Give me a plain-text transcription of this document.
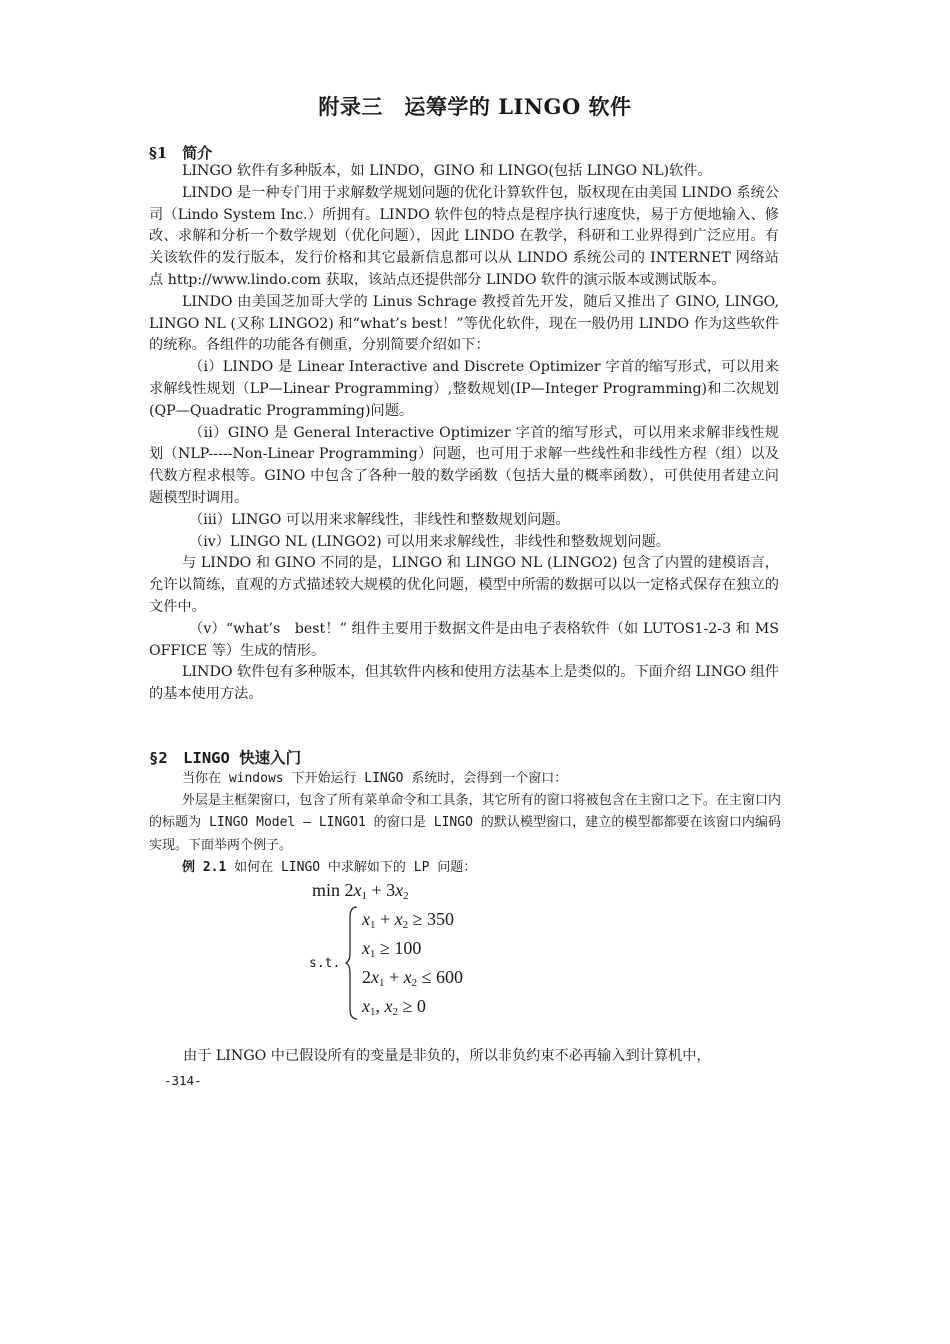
附录三　运筹学的 LINGO 软件
§1　简介

LINGO 软件有多种版本，如 LINDO，GINO 和 LINGO(包括 LINGO NL)软件。

LINDO 是一种专门用于求解数学规划问题的优化计算软件包，版权现在由美国 LINDO 系统公司（Lindo System Inc.）所拥有。LINDO 软件包的特点是程序执行速度快，易于方便地输入、修改、求解和分析一个数学规划（优化问题），因此 LINDO 在教学，科研和工业界得到广泛应用。有关该软件的发行版本，发行价格和其它最新信息都可以从 LINDO 系统公司的 INTERNET 网络站点 http://www.lindo.com 获取，该站点还提供部分 LINDO 软件的演示版本或测试版本。

LINDO 由美国芝加哥大学的 Linus Schrage 教授首先开发，随后又推出了 GINO, LINGO, LINGO NL (又称 LINGO2) 和“what’s best！”等优化软件，现在一般仍用 LINDO 作为这些软件的统称。各组件的功能各有侧重，分别简要介绍如下：

（i）LINDO 是 Linear Interactive and Discrete Optimizer 字首的缩写形式，可以用来求解线性规划（LP—Linear Programming）,整数规划(IP—Integer Programming)和二次规划(QP—Quadratic Programming)问题。

（ii）GINO 是 General Interactive Optimizer 字首的缩写形式，可以用来求解非线性规划（NLP-----Non-Linear Programming）问题，也可用于求解一些线性和非线性方程（组）以及代数方程求根等。GINO 中包含了各种一般的数学函数（包括大量的概率函数），可供使用者建立问题模型时调用。

（iii）LINGO 可以用来求解线性，非线性和整数规划问题。

（iv）LINGO NL (LINGO2) 可以用来求解线性，非线性和整数规划问题。

与 LINDO 和 GINO 不同的是，LINGO 和 LINGO NL (LINGO2) 包含了内置的建模语言，允许以简练，直观的方式描述较大规模的优化问题，模型中所需的数据可以以一定格式保存在独立的文件中。

（v）“what’s　best！” 组件主要用于数据文件是由电子表格软件（如 LUTOS1-2-3 和 MS OFFICE 等）生成的情形。

LINDO 软件包有多种版本，但其软件内核和使用方法基本上是类似的。下面介绍 LINGO 组件的基本使用方法。

§2　LINGO 快速入门

当你在 windows 下开始运行 LINGO 系统时，会得到一个窗口：

外层是主框架窗口，包含了所有菜单命令和工具条，其它所有的窗口将被包含在主窗口之下。在主窗口内的标题为 LINGO Model – LINGO1 的窗口是 LINGO 的默认模型窗口，建立的模型都都要在该窗口内编码实现。下面举两个例子。

例 2.1 如何在 LINGO 中求解如下的 LP 问题：

$\min 2x_1 + 3x_2$
s.t.
$x_1 + x_2 \ge 350$
$x_1 \ge 100$
$2x_1 + x_2 \le 600$
$x_1$, $x_2 \ge 0$
由于 LINGO 中已假设所有的变量是非负的，所以非负约束不必再输入到计算机中，
-314-
